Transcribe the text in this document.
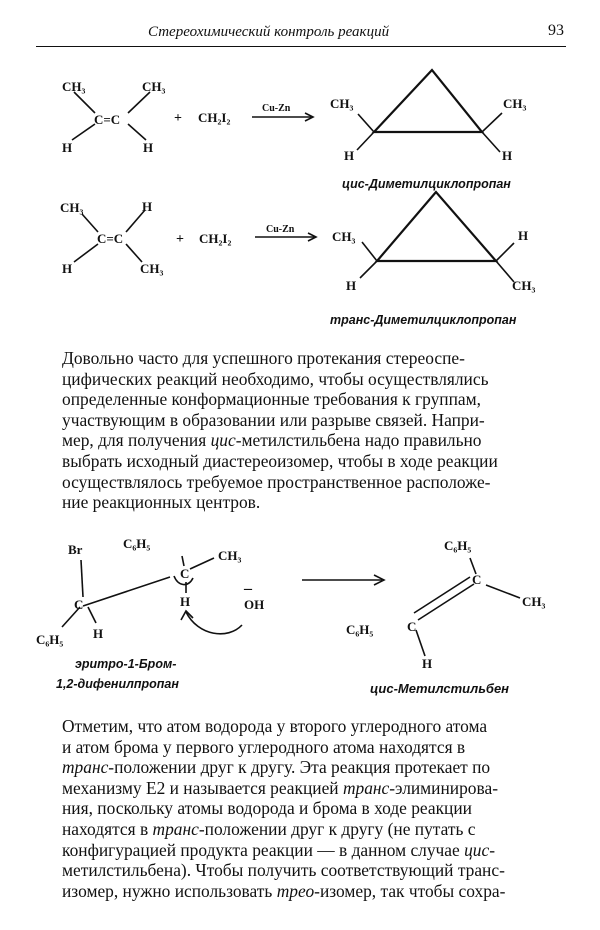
Стереохимический контроль реакций	93
CH₃	CH₃
C=C
H	H
+ CH₂I₂
Cu-Zn	CH₃	CH₃
H	H
цис-Диметилциклопропан
CH₃	H
C=C
H	CH₃
+ CH₂I₂
Cu-Zn	CH₃	H
H	CH₃
транс-Диметилциклопропан
Br
C
C₆H₅ H
C₆H₅
C
CH₃
H
–
OH
эритро-1-Бром-
1,2-дифенилпропан
C₆H₅
C
CH₃
C₆H₅	C
H
цис-Метилстильбен
Довольно часто для успешного протекания стереоспе-
цифических реакций необходимо, чтобы осуществлялись
определенные конформационные требования к группам,
участвующим в образовании или разрыве связей. Напри-
мер, для получения цис-метилстильбена надо правильно
выбрать исходный диастереоизомер, чтобы в ходе реакции
осуществлялось требуемое пространственное расположе-
ние реакционных центров.
Отметим, что атом водорода у второго углеродного атома
и атом брома у первого углеродного атома находятся в
транс-положении друг к другу. Эта реакция протекает по
механизму E2 и называется реакцией транс-элиминирова-
ния, поскольку атомы водорода и брома в ходе реакции
находятся в транс-положении друг к другу (не путать с
конфигурацией продукта реакции — в данном случае цис-
метилстильбена). Чтобы получить соответствующий транс-
изомер, нужно использовать трео-изомер, так чтобы сохра-
